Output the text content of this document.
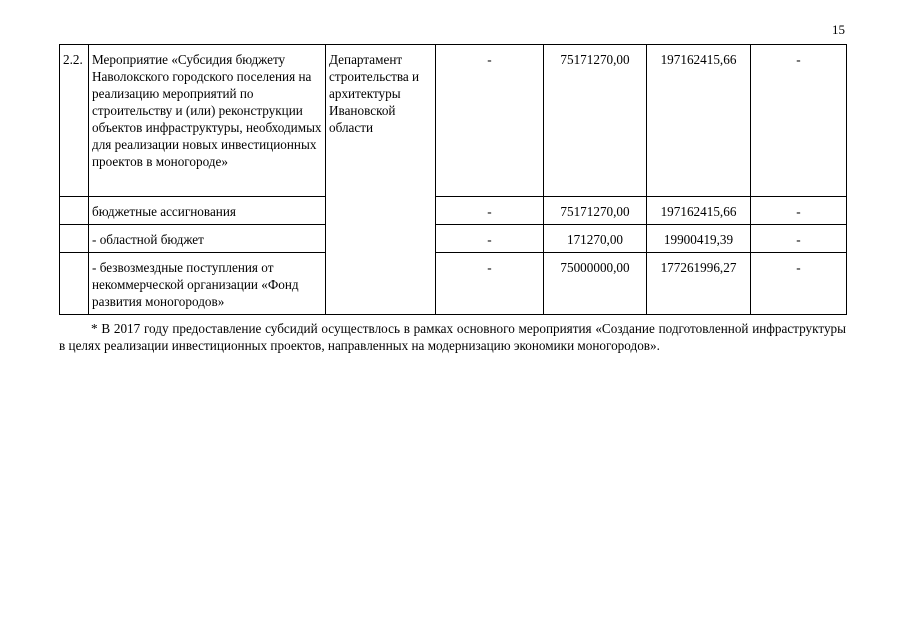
15
2.2.	Мероприятие «Субсидия бюджету Наволокского городского поселения на реализацию мероприятий по строительству и (или) реконструкции объектов инфраструктуры, необходимых для реализации новых инвестиционных проектов в моногороде»	Департамент строительства и архитектуры Ивановской области	-	75171270,00	197162415,66	-
	бюджетные ассигнования		-	75171270,00	197162415,66	-
	- областной бюджет		-	171270,00	19900419,39	-
	- безвозмездные поступления от некоммерческой организации «Фонд развития моногородов»		-	75000000,00	177261996,27	-
* В 2017 году предоставление субсидий осуществлось в рамках основного мероприятия «Создание подготовленной инфраструктуры в целях реализации инвестиционных проектов, направленных на модернизацию экономики моногородов».
